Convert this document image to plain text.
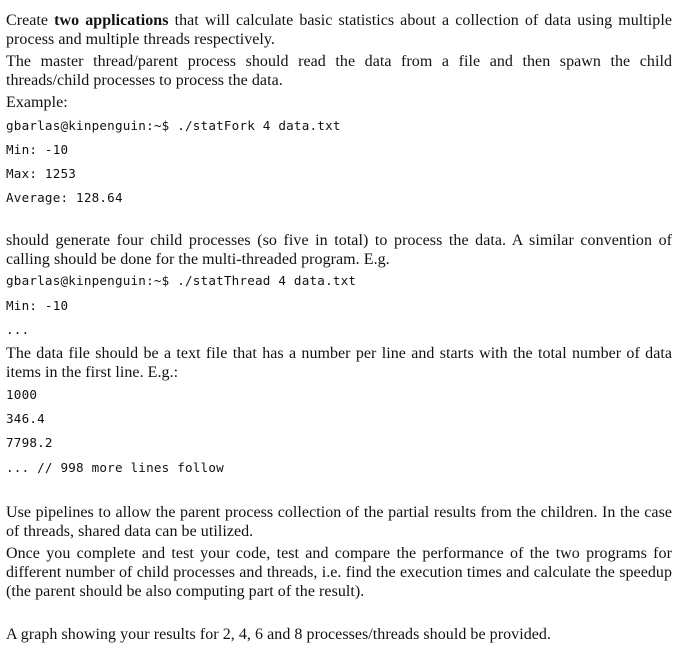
Create two applications that will calculate basic statistics about a collection of data using multiple process and multiple threads respectively.

The master thread/parent process should read the data from a file and then spawn the child threads/child processes to process the data.

Example:

gbarlas@kinpenguin:~$ ./statFork 4 data.txt
Min: -10
Max: 1253
Average: 128.64

should generate four child processes (so five in total) to process the data. A similar convention of calling should be done for the multi-threaded program. E.g.

gbarlas@kinpenguin:~$ ./statThread 4 data.txt
Min: -10
...

The data file should be a text file that has a number per line and starts with the total number of data items in the first line. E.g.:

1000
346.4
7798.2
... // 998 more lines follow

Use pipelines to allow the parent process collection of the partial results from the children. In the case of threads, shared data can be utilized.

Once you complete and test your code, test and compare the performance of the two programs for different number of child processes and threads, i.e. find the execution times and calculate the speedup (the parent should be also computing part of the result).

A graph showing your results for 2, 4, 6 and 8 processes/threads should be provided.
